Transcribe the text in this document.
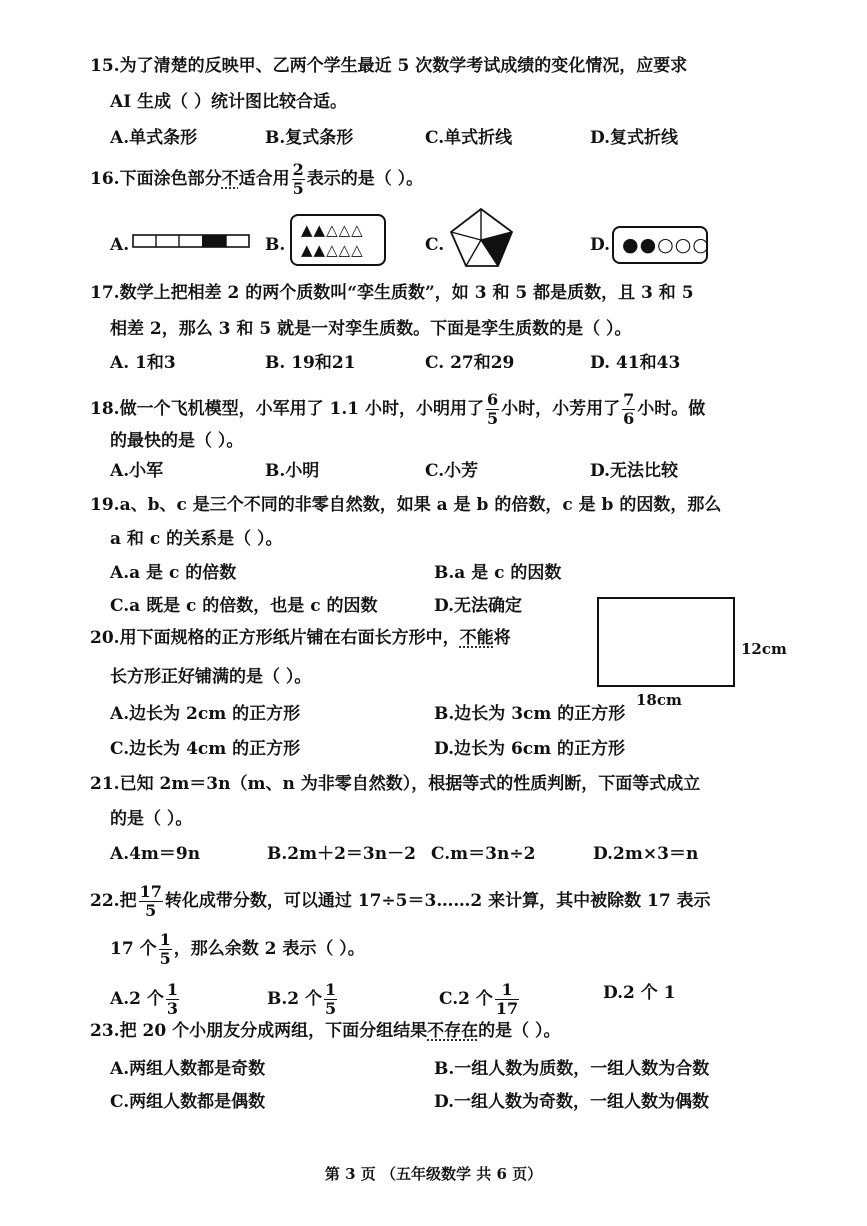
15.为了清楚的反映甲、乙两个学生最近 5 次数学考试成绩的变化情况，应要求
AI 生成（ ）统计图比较合适。
A.单式条形	B.复式条形	C.单式折线	D.复式折线
16.下面涂色部分不适合用 $\frac{2}{5}$ 表示的是（ ）。
A.	B.
▲▲△△△
▲▲△△△	C.	D. ●●○○○
17.数学上把相差 2 的两个质数叫“孪生质数”，如 3 和 5 都是质数，且 3 和 5
相差 2，那么 3 和 5 就是一对孪生质数。下面是孪生质数的是（ ）。
A. 1和3	B. 19和21	C. 27和29	D. 41和43
18.做一个飞机模型，小军用了 1.1 小时，小明用了 $\frac{6}{5}$ 小时，小芳用了 $\frac{7}{6}$ 小时。做
的最快的是（ ）。
A.小军	B.小明	C.小芳	D.无法比较
19.a、b、c 是三个不同的非零自然数，如果 a 是 b 的倍数，c 是 b 的因数，那么
a 和 c 的关系是（ ）。
A.a 是 c 的倍数	B.a 是 c 的因数
C.a 既是 c 的倍数，也是 c 的因数	D.无法确定
20.用下面规格的正方形纸片铺在右面长方形中，不能将
长方形正好铺满的是（ ）。
12cm
18cm
A.边长为 2cm 的正方形	B.边长为 3cm 的正方形
C.边长为 4cm 的正方形	D.边长为 6cm 的正方形
21.已知 2m＝3n（m、n 为非零自然数），根据等式的性质判断，下面等式成立
的是（ ）。
A.4m＝9n	B.2m＋2＝3n－2 C.m＝3n÷2	D.2m×3＝n
22.把 $\frac{17}{5}$ 转化成带分数，可以通过 17÷5＝3……2 来计算，其中被除数 17 表示
17 个 $\frac{1}{5}$ ，那么余数 2 表示（ ）。
A.2 个 $\frac{1}{3}$	B.2 个 $\frac{1}{5}$	C.2 个 $\frac{1}{17}$	D.2 个 1
23.把 20 个小朋友分成两组，下面分组结果不存在的是（ ）。
A.两组人数都是奇数	B.一组人数为质数，一组人数为合数
C.两组人数都是偶数	D.一组人数为奇数，一组人数为偶数
第 3 页 （五年级数学 共 6 页）
